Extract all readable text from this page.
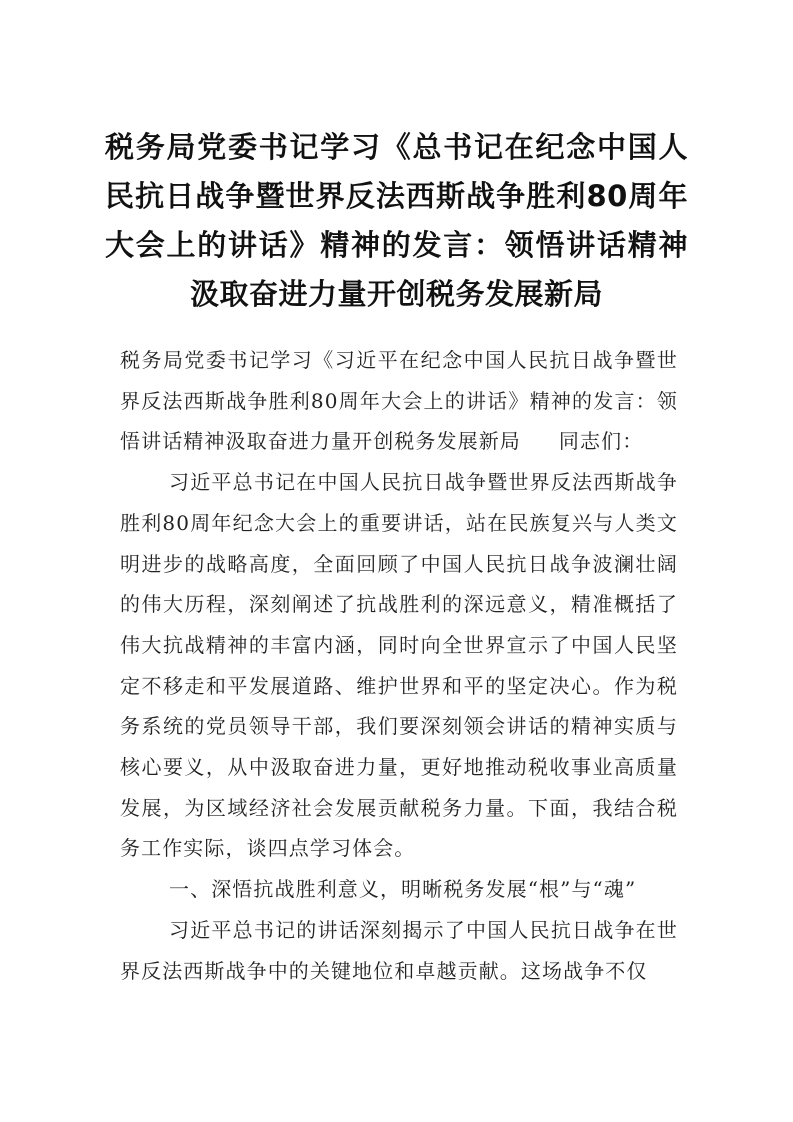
税务局党委书记学习《总书记在纪念中国人民抗日战争暨世界反法西斯战争胜利80周年大会上的讲话》精神的发言：领悟讲话精神汲取奋进力量开创税务发展新局

税务局党委书记学习《习近平在纪念中国人民抗日战争暨世界反法西斯战争胜利80周年大会上的讲话》精神的发言：领悟讲话精神汲取奋进力量开创税务发展新局 同志们：

习近平总书记在中国人民抗日战争暨世界反法西斯战争胜利80周年纪念大会上的重要讲话，站在民族复兴与人类文明进步的战略高度，全面回顾了中国人民抗日战争波澜壮阔的伟大历程，深刻阐述了抗战胜利的深远意义，精准概括了伟大抗战精神的丰富内涵，同时向全世界宣示了中国人民坚定不移走和平发展道路、维护世界和平的坚定决心。作为税务系统的党员领导干部，我们要深刻领会讲话的精神实质与核心要义，从中汲取奋进力量，更好地推动税收事业高质量发展，为区域经济社会发展贡献税务力量。下面，我结合税务工作实际，谈四点学习体会。

一、深悟抗战胜利意义，明晰税务发展“根”与“魂”

习近平总书记的讲话深刻揭示了中国人民抗日战争在世界反法西斯战争中的关键地位和卓越贡献。这场战争不仅
